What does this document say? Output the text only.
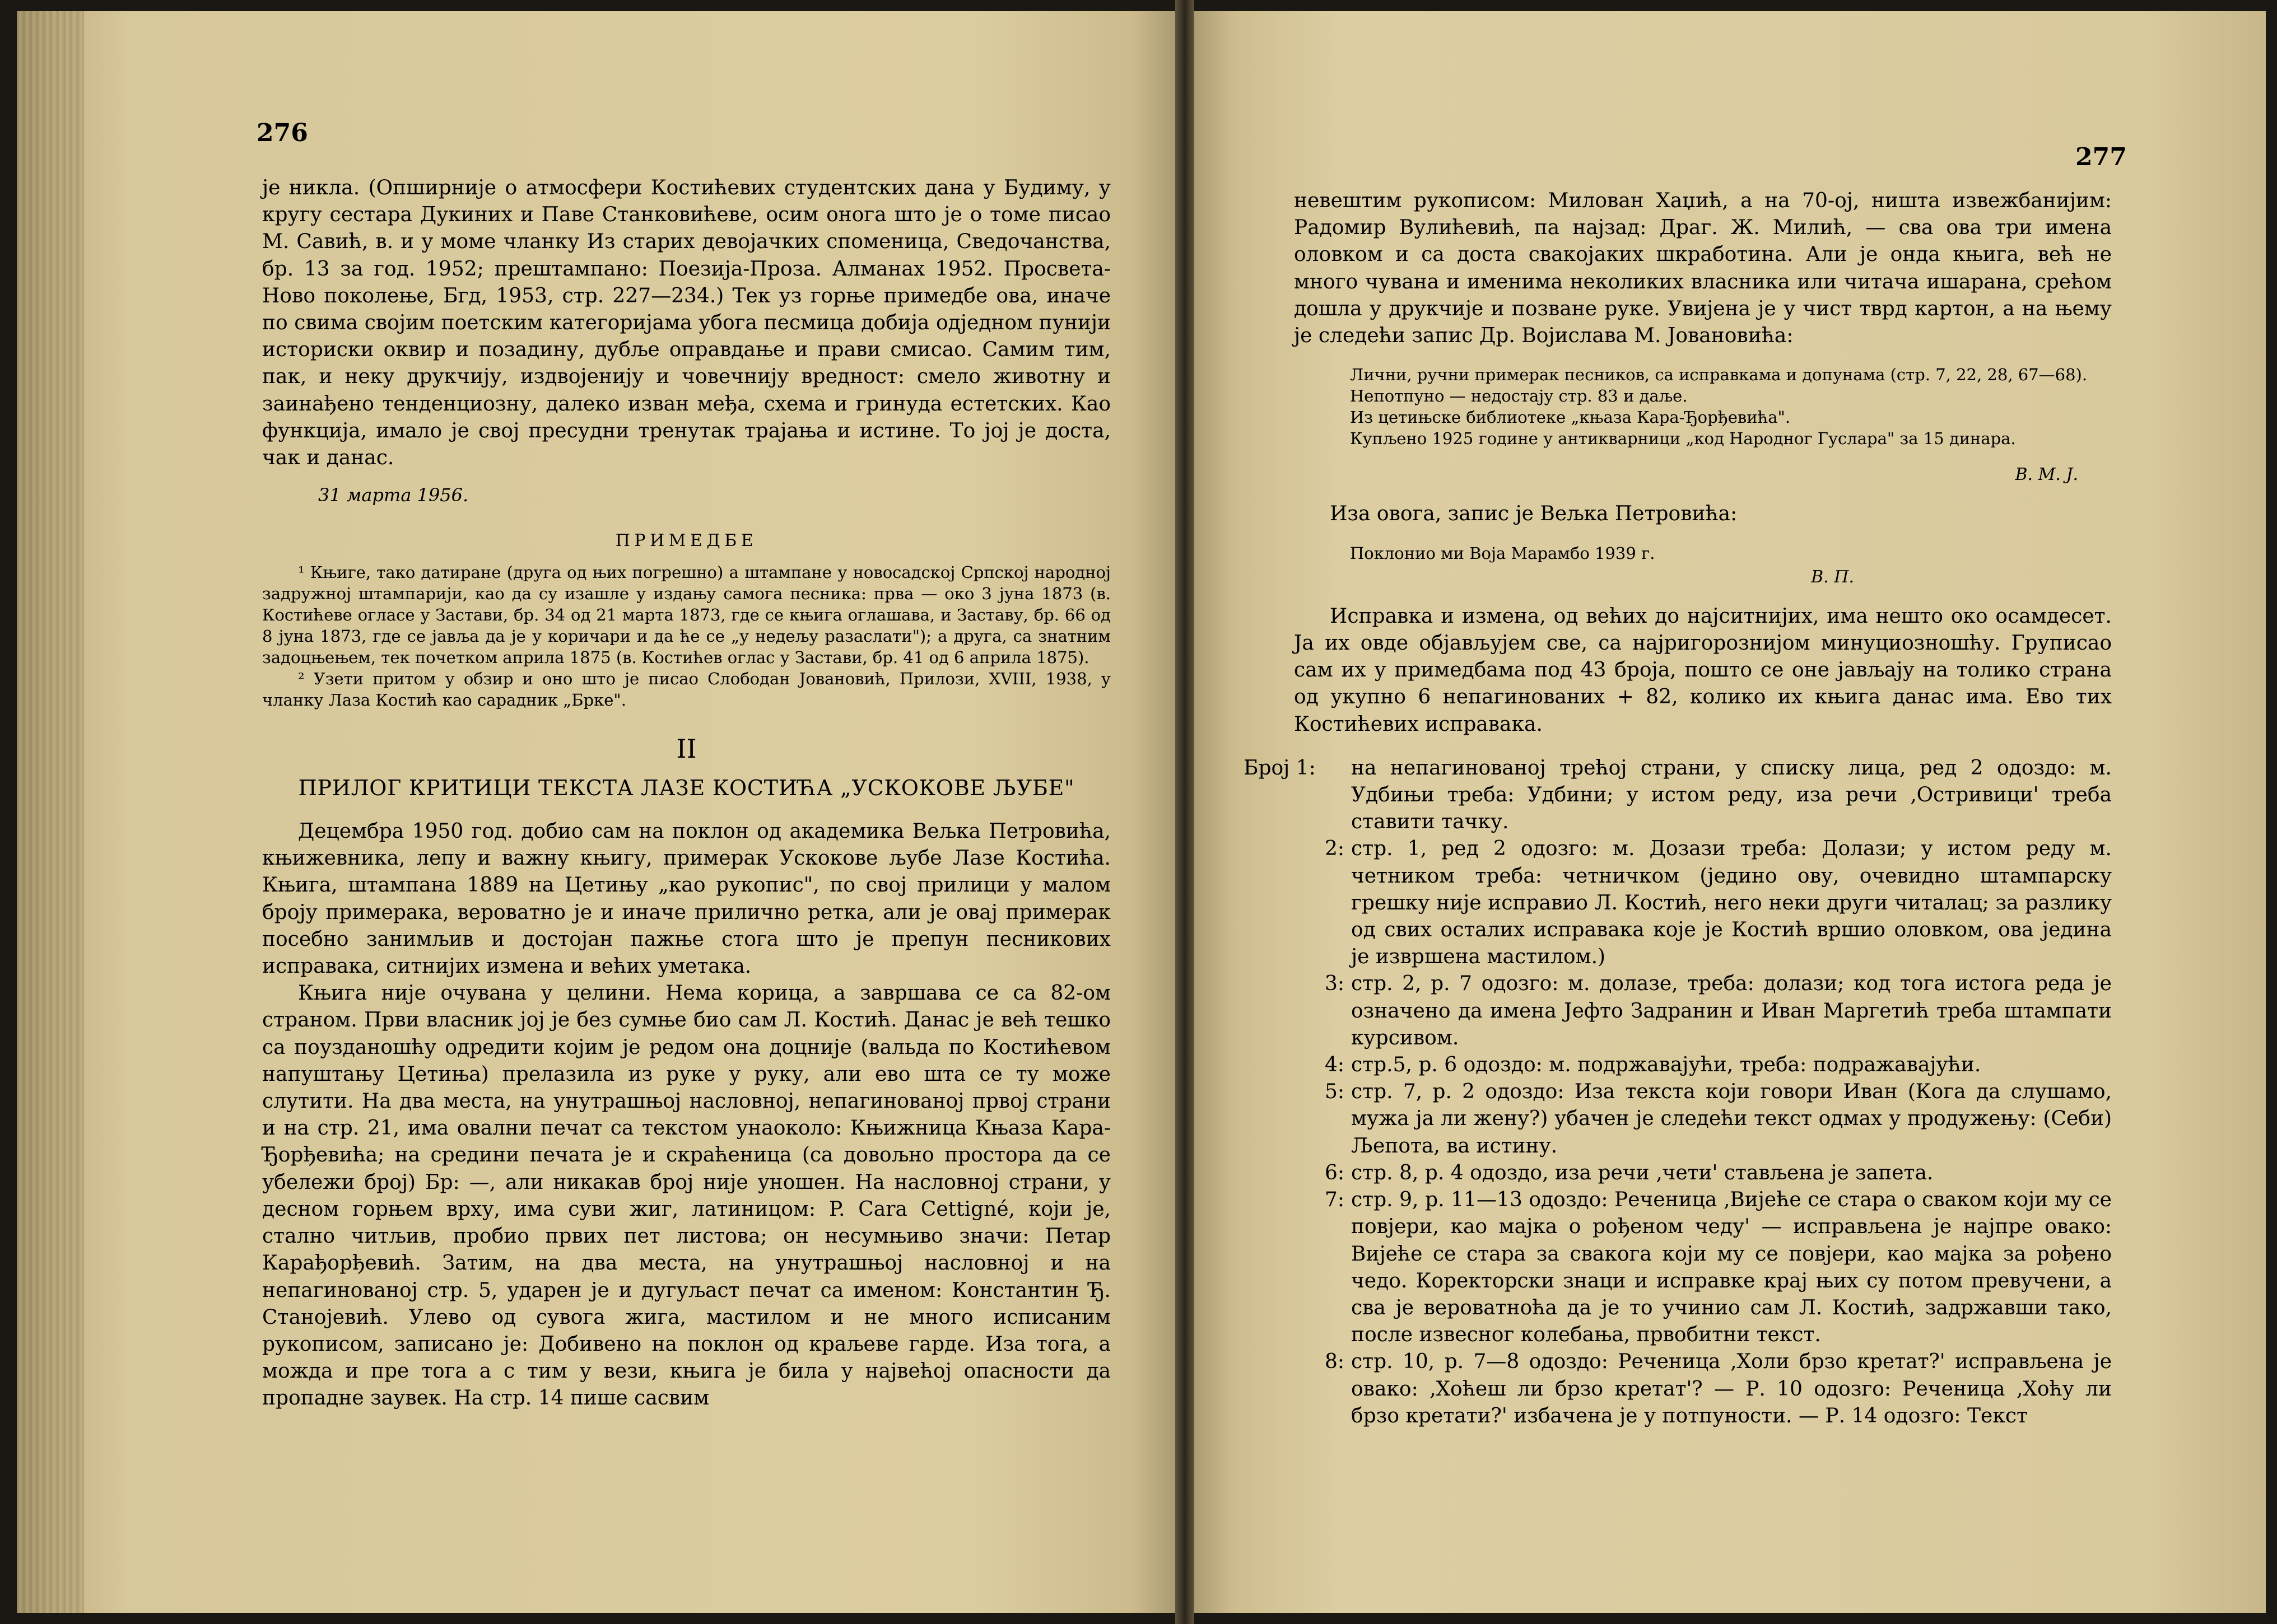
276

је никла. (Опширније о атмосфери Костићевих студентских дана у Будиму, у кругу сестара Дукиних и Паве Станковићеве, осим онога што је о томе писао М. Савић, в. и у моме чланку Из старих девојачких споменица, Сведочанства, бр. 13 за год. 1952; прештампано: Поезија-Проза. Алманах 1952. Просвета-Ново поколење, Бгд, 1953, стр. 227—234.) Тек уз горње примедбе ова, иначе по свима својим поетским категоријама убога песмица добија одједном пунији историски оквир и позадину, дубље оправдање и прави смисао. Самим тим, пак, и неку друкчију, издвојенију и човечнију вредност: смело животну и заинађено тенденциозну, далеко изван међа, схема и гринуда естетских. Као функција, имало је свој пресудни тренутак трајања и истине. То јој је доста, чак и данас.

31 марта 1956.

ПРИМЕДБЕ

¹ Књиге, тако датиране (друга од њих погрешно) а штампане у новосадској Српској народној задружној штампарији, као да су изашле у издању самога песника: прва — око 3 јуна 1873 (в. Костићеве огласе у Застави, бр. 34 од 21 марта 1873, где се књига оглашава, и Заставу, бр. 66 од 8 јуна 1873, где се јавља да је у коричари и да ће се „у недељу разаслати"); а друга, са знатним задоцњењем, тек почетком априла 1875 (в. Костићев оглас у Застави, бр. 41 од 6 априла 1875).

² Узети притом у обзир и оно што је писао Слободан Јовановић, Прилози, XVIII, 1938, у чланку Лаза Костић као сарадник „Брке".

II

ПРИЛОГ КРИТИЦИ ТЕКСТА ЛАЗЕ КОСТИЋА „УСКОКОВЕ ЉУБЕ"

Децембра 1950 год. добио сам на поклон од академика Вељка Петровића, књижевника, лепу и важну књигу, примерак Ускокове љубе Лазе Костића. Књига, штампана 1889 на Цетињу „као рукопис", по свој прилици у малом броју примерака, вероватно је и иначе прилично ретка, али је овај примерак посебно занимљив и достојан пажње стога што је препун песникових исправака, ситнијих измена и већих уметака.

Књига није очувана у целини. Нема корица, а завршава се са 82-ом страном. Први власник јој је без сумње био сам Л. Костић. Данас је већ тешко са поузданошћу одредити којим је редом она доцније (вальда по Костићевом напуштању Цетиња) прелазила из руке у руку, али ево шта се ту може слутити. На два места, на унутрашњој насловној, непагинованој првој страни и на стр. 21, има овални печат са текстом унаоколо: Књижница Књаза Кара-Ђорђевића; на средини печата је и скраћеница (са довољно простора да се убележи број) Бр: —, али никакав број није уношен. На насловној страни, у десном горњем врху, има суви жиг, латиницом: P. Cara Cettigné, који је, стално читљив, пробио првих пет листова; он несумњиво значи: Петар Карађорђевић. Затим, на два места, на унутрашњој насловној и на непагинованој стр. 5, ударен је и дугуљаст печат са именом: Константин Ђ. Станојевић. Улево од сувога жига, мастилом и не много исписаним рукописом, записано је: Добивено на поклон од краљеве гарде. Иза тога, а можда и пре тога а с тим у вези, књига је била у највећој опасности да пропадне заувек. На стр. 14 пише сасвим

277

невештим рукописом: Милован Хаџић, а на 70-ој, ништа извежбанијим: Радомир Вулићевић, па најзад: Драг. Ж. Милић, — сва ова три имена оловком и са доста свакојаких шкработина. Али је онда књига, већ не много чувана и именима неколиких власника или читача ишарана, срећом дошла у друкчије и позване руке. Увијена је у чист тврд картон, а на њему је следећи запис Др. Војислава М. Јовановића:

Лични, ручни примерак песников, са исправкама и допунама (стр. 7, 22, 28, 67—68).

Непотпуно — недостају стр. 83 и даље.

Из цетињске библиотеке „књаза Кара-Ђорђевића".

Купљено 1925 године у антикварници „код Народног Гуслара" за 15 динара.

В. М. Ј.

Иза овога, запис је Вељка Петровића:

Поклонио ми Воја Марамбо 1939 г.

В. П.

Исправка и измена, од већих до најситнијих, има нешто око осамдесет. Ја их овде објављујем све, са најригорознијом минуциозношћу. Груписао сам их у примедбама под 43 броја, пошто се оне јављају на толико страна од укупно 6 непагинованих + 82, колико их књига данас има. Ево тих Костићевих исправака.

Број 1:	на непагинованој трећој страни, у списку лица, ред 2 одоздо: м. Удбињи треба: Удбини; у истом реду, иза речи ‚Остривици' треба ставити тачку.
2: стр. 1, ред 2 одозго: м. Дозази треба: Долази; у истом реду м. четником треба: четничком (једино ову, очевидно штампарску грешку није исправио Л. Костић, него неки други читалац; за разлику од свих осталих исправака које је Костић вршио оловком, ова једина је извршена мастилом.)
3: стр. 2, р. 7 одозго: м. долазе, треба: долази; код тога истога реда је означено да имена Јефто Задранин и Иван Маргетић треба штампати курсивом.
4: стр.5, р. 6 одоздо: м. подржавајући, треба: подражавајући.
5: стр. 7, р. 2 одоздо: Иза текста који говори Иван (Кога да слушамо, мужа ја ли жену?) убачен је следећи текст одмах у продужењу: (Себи) Љепота, ва истину.
6: стр. 8, р. 4 одоздо, иза речи ‚чети' стављена је запета.
7: стр. 9, р. 11—13 одоздо: Реченица ‚Вијеће се стара о сваком који му се повјери, као мајка о рођеном чеду' — исправљена је најпре овако: Вијеће се стара за свакога који му се повјери, као мајка за рођено чедо. Коректорски знаци и исправке крај њих су потом превучени, а сва је вероватноћа да је то учинио сам Л. Костић, задржавши тако, после извесног колебања, првобитни текст.
8: стр. 10, р. 7—8 одоздо: Реченица ‚Холи брзо кретат?' исправљена је овако: ‚Хоћеш ли брзо кретат'? — Р. 10 одозго: Реченица ‚Хоћу ли брзо кретати?' избачена је у потпуности. — Р. 14 одозго: Текст
